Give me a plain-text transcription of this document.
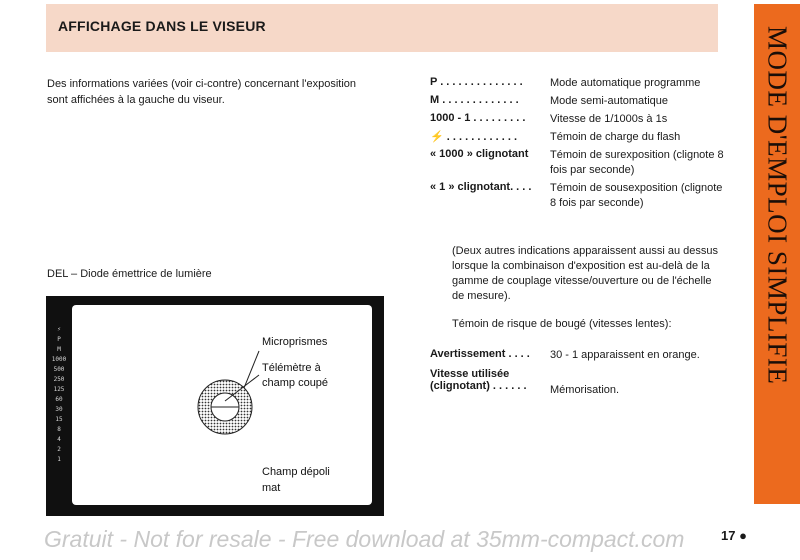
AFFICHAGE DANS LE VISEUR	MODE D'EMPLOI SIMPLIFIE
Des informations variées (voir ci-contre) concernant l'exposition sont affichées à la gauche du viseur.
DEL – Diode émettrice de lumière
⚡
P
M
1000
500
250
125
60
30
15
8
4
2
1
Microprismes
Télémètre à
champ coupé
Champ dépoli
mat
P . . . . . . . . . . . . . .	Mode automatique programme
M . . . . . . . . . . . . .	Mode semi-automatique
1000 - 1 . . . . . . . . .	Vitesse de 1/1000s à 1s
⚡ . . . . . . . . . . . .	Témoin de charge du flash
« 1000 » clignotant	Témoin de surexposition (clignote 8 fois par seconde)
« 1 » clignotant. . . .	Témoin de sousexposition (clignote 8 fois par seconde)
(Deux autres indications apparaissent aussi au dessus lorsque la combinaison d'exposition est au-delà de la gamme de couplage vitesse/ouverture ou de l'échelle de mesure).
Témoin de risque de bougé (vitesses lentes):
Avertissement . . . .	30 - 1 apparaissent en orange.
Vitesse utilisée
(clignotant) . . . . . .	Mémorisation.
Gratuit - Not for resale - Free download at 35mm-compact.com	17 ●
